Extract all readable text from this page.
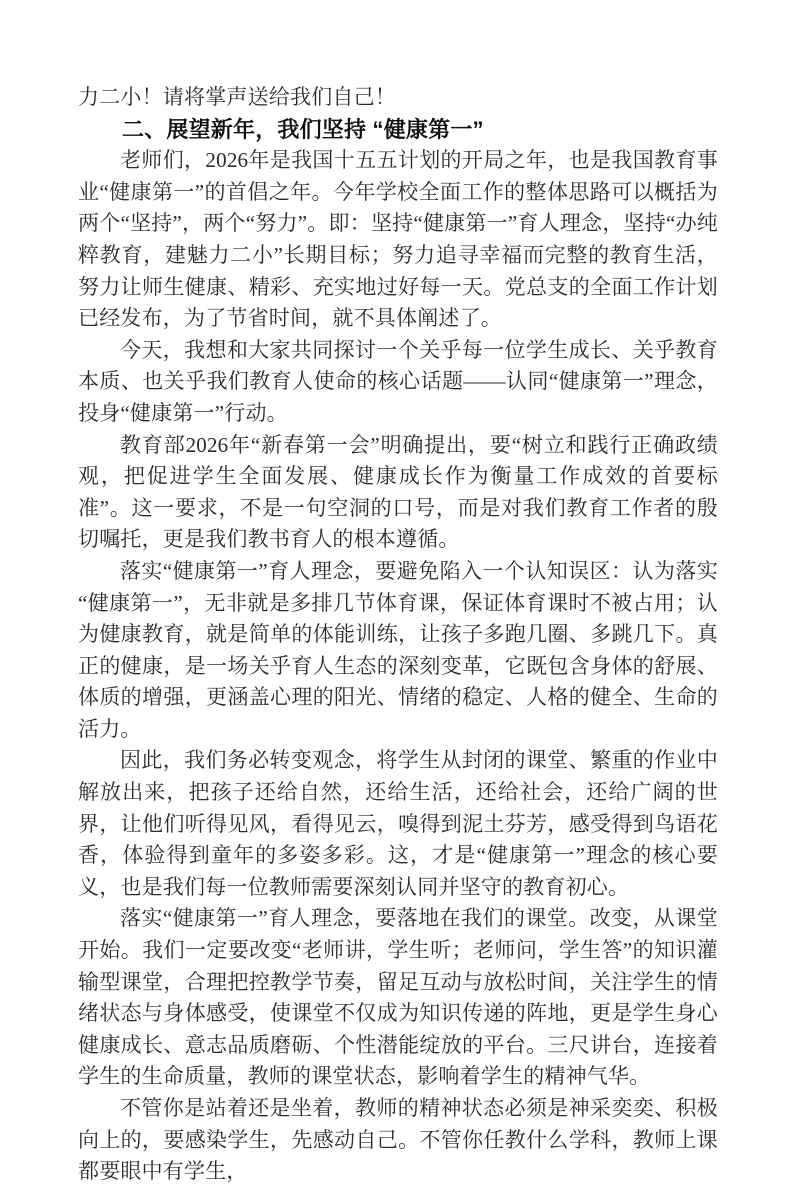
力二小！请将掌声送给我们自己！

二、展望新年，我们坚持 “健康第一”

老师们，2026年是我国十五五计划的开局之年，也是我国教育事业“健康第一”的首倡之年。今年学校全面工作的整体思路可以概括为两个“坚持”，两个“努力”。即：坚持“健康第一”育人理念，坚持“办纯粹教育，建魅力二小”长期目标；努力追寻幸福而完整的教育生活，努力让师生健康、精彩、充实地过好每一天。党总支的全面工作计划已经发布，为了节省时间，就不具体阐述了。

今天，我想和大家共同探讨一个关乎每一位学生成长、关乎教育本质、也关乎我们教育人使命的核心话题——认同“健康第一”理念，投身“健康第一”行动。

教育部2026年“新春第一会”明确提出，要“树立和践行正确政绩观，把促进学生全面发展、健康成长作为衡量工作成效的首要标准”。这一要求，不是一句空洞的口号，而是对我们教育工作者的殷切嘱托，更是我们教书育人的根本遵循。

落实“健康第一”育人理念，要避免陷入一个认知误区：认为落实“健康第一”，无非就是多排几节体育课，保证体育课时不被占用；认为健康教育，就是简单的体能训练，让孩子多跑几圈、多跳几下。真正的健康，是一场关乎育人生态的深刻变革，它既包含身体的舒展、体质的增强，更涵盖心理的阳光、情绪的稳定、人格的健全、生命的活力。

因此，我们务必转变观念，将学生从封闭的课堂、繁重的作业中解放出来，把孩子还给自然，还给生活，还给社会，还给广阔的世界，让他们听得见风，看得见云，嗅得到泥土芬芳，感受得到鸟语花香，体验得到童年的多姿多彩。这，才是“健康第一”理念的核心要义，也是我们每一位教师需要深刻认同并坚守的教育初心。

落实“健康第一”育人理念，要落地在我们的课堂。改变，从课堂开始。我们一定要改变“老师讲，学生听；老师问，学生答”的知识灌输型课堂，合理把控教学节奏，留足互动与放松时间，关注学生的情绪状态与身体感受，使课堂不仅成为知识传递的阵地，更是学生身心健康成长、意志品质磨砺、个性潜能绽放的平台。三尺讲台，连接着学生的生命质量，教师的课堂状态，影响着学生的精神气华。

不管你是站着还是坐着，教师的精神状态必须是神采奕奕、积极向上的，要感染学生，先感动自己。不管你任教什么学科，教师上课都要眼中有学生，
